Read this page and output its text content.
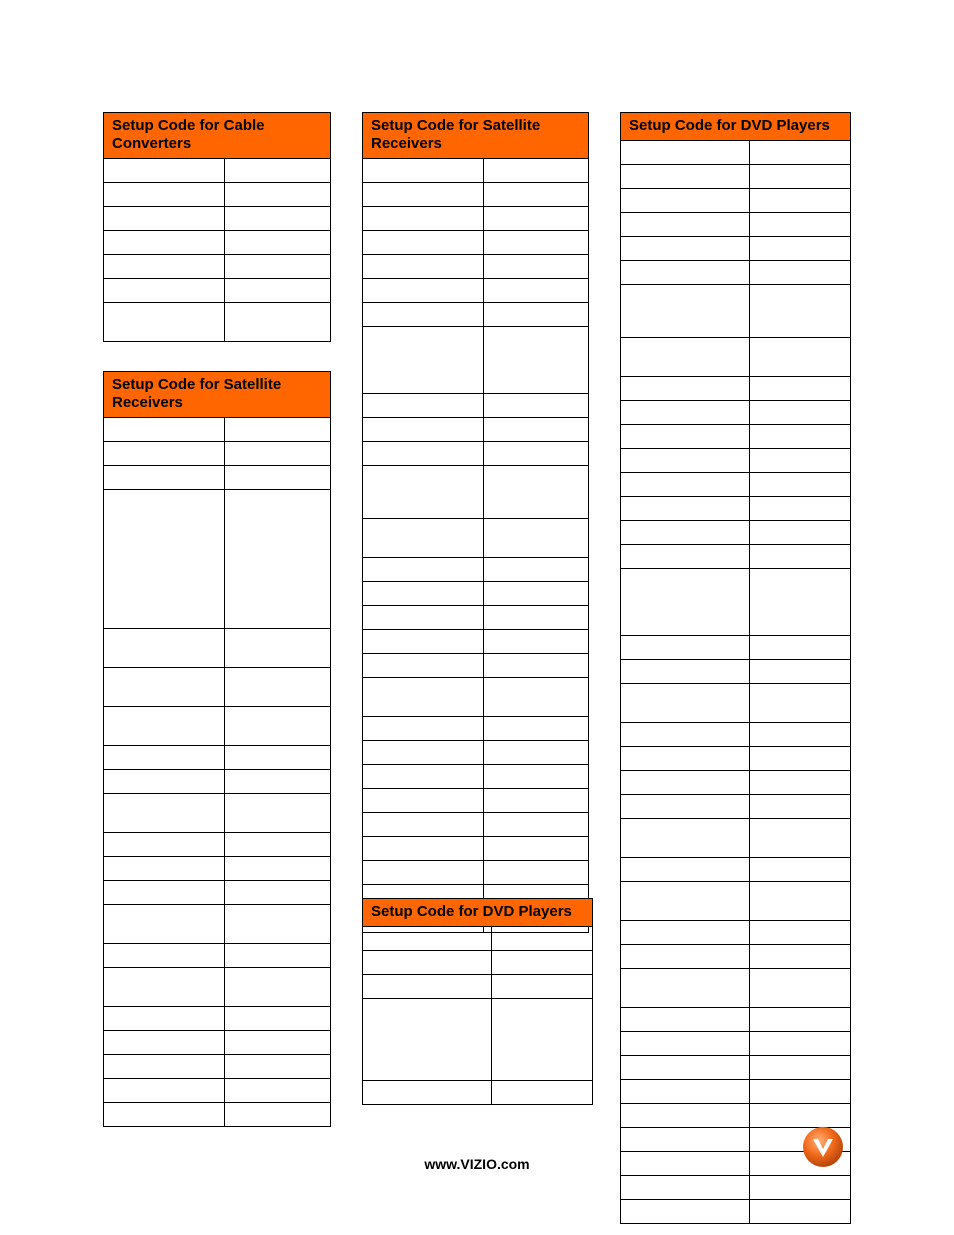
Setup Code for Cable Converters	

Setup Code for Satellite Receivers	

Setup Code for Satellite Receivers	

Setup Code for DVD Players	

Setup Code for DVD Players	

www.VIZIO.com
